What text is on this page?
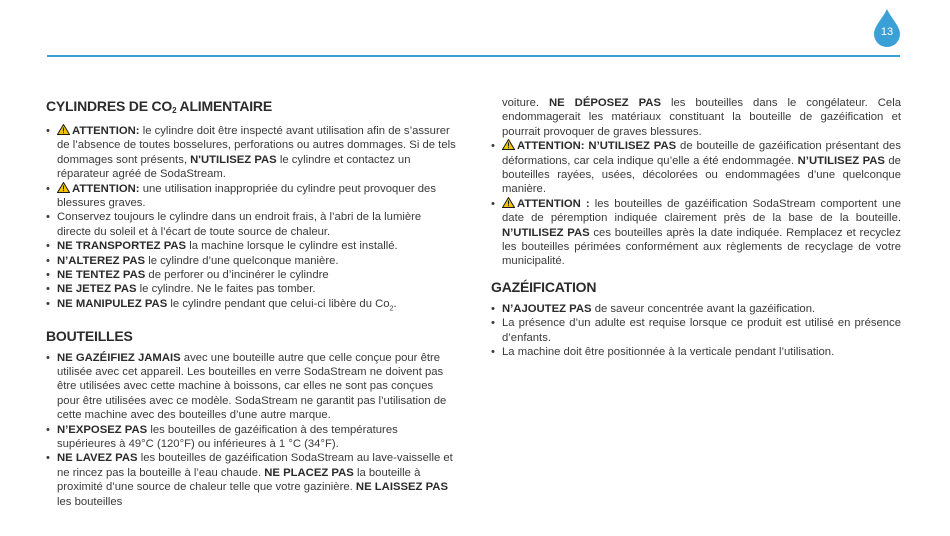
13
CYLINDRES DE $CO_2$ ALIMENTAIRE
• ATTENTION: le cylindre doit être inspecté avant utilisation afin de s’assurer de l’absence de toutes bosselures, perforations ou autres dommages. Si de tels dommages sont présents, N'UTILISEZ PAS le cylindre et contactez un réparateur agréé de SodaStream.
• ATTENTION: une utilisation inappropriée du cylindre peut provoquer des blessures graves.
• Conservez toujours le cylindre dans un endroit frais, à l’abri de la lumière directe du soleil et à l’écart de toute source de chaleur.
• NE TRANSPORTEZ PAS la machine lorsque le cylindre est installé.
• N’ALTEREZ PAS le cylindre d’une quelconque manière.
• NE TENTEZ PAS de perforer ou d’incinérer le cylindre
• NE JETEZ PAS le cylindre. Ne le faites pas tomber.
• NE MANIPULEZ PAS le cylindre pendant que celui-ci libère du $Co_2$.
BOUTEILLES
• NE GAZÉIFIEZ JAMAIS avec une bouteille autre que celle conçue pour être utilisée avec cet appareil. Les bouteilles en verre SodaStream ne doivent pas être utilisées avec cette machine à boissons, car elles ne sont pas conçues pour être utilisées avec ce modèle. SodaStream ne garantit pas l’utilisation de cette machine avec des bouteilles d’une autre marque.
• N’EXPOSEZ PAS les bouteilles de gazéification à des températures supérieures à 49°C (120°F) ou inférieures à 1 °C (34°F).
• NE LAVEZ PAS les bouteilles de gazéification SodaStream au lave-vaisselle et ne rincez pas la bouteille à l’eau chaude. NE PLACEZ PAS la bouteille à proximité d’une source de chaleur telle que votre gazinière. NE LAISSEZ PAS les bouteilles
voiture. NE DÉPOSEZ PAS les bouteilles dans le congélateur. Cela endommagerait les matériaux constituant la bouteille de gazéification et pourrait provoquer de graves blessures.
• ATTENTION: N’UTILISEZ PAS de bouteille de gazéification présentant des déformations, car cela indique qu’elle a été endommagée. N’UTILISEZ PAS de bouteilles rayées, usées, décolorées ou endommagées d’une quelconque manière.
• ATTENTION : les bouteilles de gazéification SodaStream comportent une date de péremption indiquée clairement près de la base de la bouteille. N’UTILISEZ PAS ces bouteilles après la date indiquée. Remplacez et recyclez les bouteilles périmées conformément aux règlements de recyclage de votre municipalité.
GAZÉIFICATION
• N’AJOUTEZ PAS de saveur concentrée avant la gazéification.
• La présence d’un adulte est requise lorsque ce produit est utilisé en présence d’enfants.
• La machine doit être positionnée à la verticale pendant l’utilisation.
